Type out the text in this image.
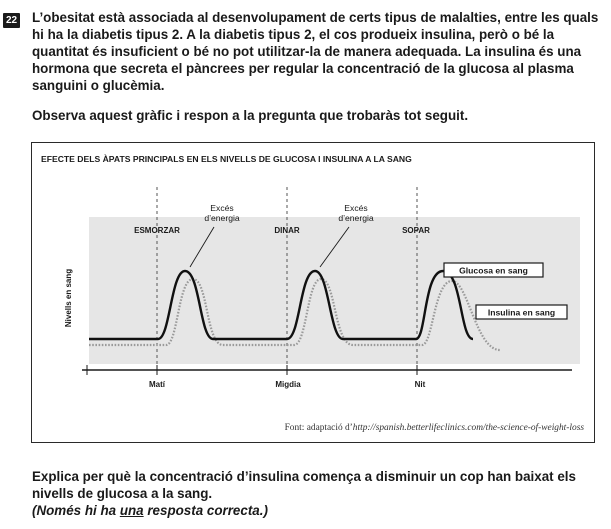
22 L’obesitat està associada al desenvolupament de certs tipus de malalties, entre les quals hi ha la diabetis tipus 2. A la diabetis tipus 2, el cos produeix insulina, però o bé la quantitat és insuficient o bé no pot utilitzar-la de manera adequada. La insulina és una hormona que secreta el pàncrees per regular la concentració de la glucosa al plasma sanguini o glucèmia.

Observa aquest gràfic i respon a la pregunta que trobaràs tot seguit.

EFECTE DELS ÀPATS PRINCIPALS EN ELS NIVELLS DE GLUCOSA I INSULINA A LA SANG
Nivells en sang
ESMORZAR	DINAR	SOPAR
Excés
d’energia
Excés
d’energia
Glucosa en sang
Insulina en sang
Matí	Migdia	Nit
Font: adaptació d’http://spanish.betterlifeclinics.com/the-science-of-weight-loss

Explica per què la concentració d’insulina comença a disminuir un cop han baixat els nivells de glucosa a la sang.
(Només hi ha una resposta correcta.)
